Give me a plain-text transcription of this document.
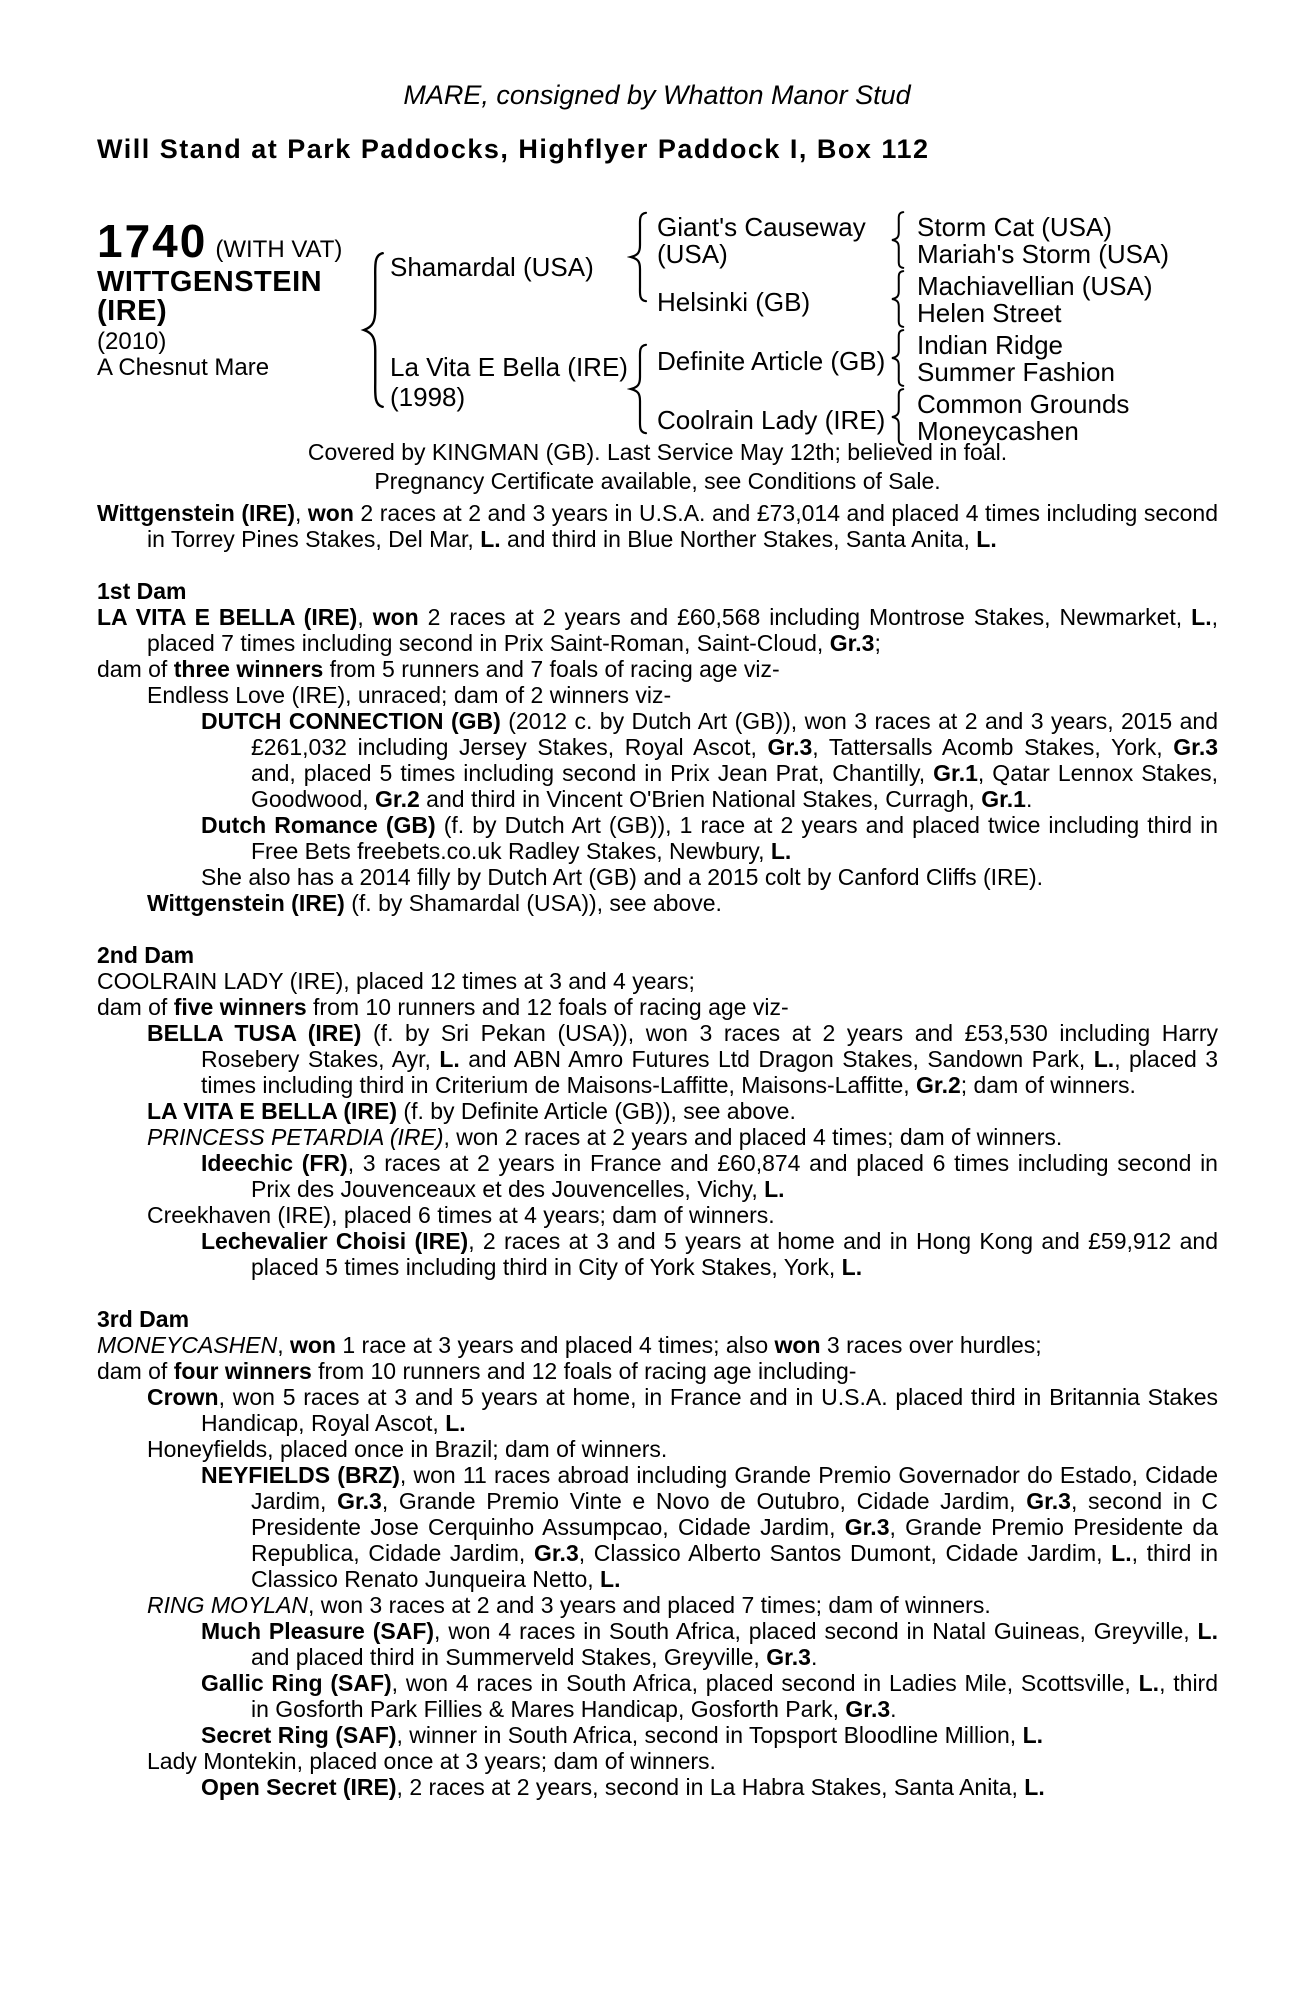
MARE, consigned by Whatton Manor Stud
Will Stand at Park Paddocks, Highflyer Paddock I, Box 112
1740 (WITH VAT)
WITTGENSTEIN
(IRE)
(2010)
A Chesnut Mare
Shamardal (USA)
La Vita E Bella (IRE)
(1998)
Giant's Causeway
(USA)
Helsinki (GB)
Definite Article (GB)
Coolrain Lady (IRE)
Storm Cat (USA)
Mariah's Storm (USA)
Machiavellian (USA)
Helen Street
Indian Ridge
Summer Fashion
Common Grounds
Moneycashen
Covered by KINGMAN (GB). Last Service May 12th; believed in foal.
Pregnancy Certificate available, see Conditions of Sale.

Wittgenstein (IRE), won 2 races at 2 and 3 years in U.S.A. and £73,014 and placed 4 times including second in Torrey Pines Stakes, Del Mar, L. and third in Blue Norther Stakes, Santa Anita, L.

1st Dam

LA VITA E BELLA (IRE), won 2 races at 2 years and £60,568 including Montrose Stakes, Newmarket, L., placed 7 times including second in Prix Saint-Roman, Saint-Cloud, Gr.3;

dam of three winners from 5 runners and 7 foals of racing age viz-

Endless Love (IRE), unraced; dam of 2 winners viz-

DUTCH CONNECTION (GB) (2012 c. by Dutch Art (GB)), won 3 races at 2 and 3 years, 2015 and £261,032 including Jersey Stakes, Royal Ascot, Gr.3, Tattersalls Acomb Stakes, York, Gr.3 and, placed 5 times including second in Prix Jean Prat, Chantilly, Gr.1, Qatar Lennox Stakes, Goodwood, Gr.2 and third in Vincent O'Brien National Stakes, Curragh, Gr.1.

Dutch Romance (GB) (f. by Dutch Art (GB)), 1 race at 2 years and placed twice including third in Free Bets freebets.co.uk Radley Stakes, Newbury, L.

She also has a 2014 filly by Dutch Art (GB) and a 2015 colt by Canford Cliffs (IRE).

Wittgenstein (IRE) (f. by Shamardal (USA)), see above.

2nd Dam

COOLRAIN LADY (IRE), placed 12 times at 3 and 4 years;

dam of five winners from 10 runners and 12 foals of racing age viz-

BELLA TUSA (IRE) (f. by Sri Pekan (USA)), won 3 races at 2 years and £53,530 including Harry Rosebery Stakes, Ayr, L. and ABN Amro Futures Ltd Dragon Stakes, Sandown Park, L., placed 3 times including third in Criterium de Maisons-Laffitte, Maisons-Laffitte, Gr.2; dam of winners.

LA VITA E BELLA (IRE) (f. by Definite Article (GB)), see above.

PRINCESS PETARDIA (IRE), won 2 races at 2 years and placed 4 times; dam of winners.

Ideechic (FR), 3 races at 2 years in France and £60,874 and placed 6 times including second in Prix des Jouvenceaux et des Jouvencelles, Vichy, L.

Creekhaven (IRE), placed 6 times at 4 years; dam of winners.

Lechevalier Choisi (IRE), 2 races at 3 and 5 years at home and in Hong Kong and £59,912 and placed 5 times including third in City of York Stakes, York, L.

3rd Dam

MONEYCASHEN, won 1 race at 3 years and placed 4 times; also won 3 races over hurdles;

dam of four winners from 10 runners and 12 foals of racing age including-

Crown, won 5 races at 3 and 5 years at home, in France and in U.S.A. placed third in Britannia Stakes Handicap, Royal Ascot, L.

Honeyfields, placed once in Brazil; dam of winners.

NEYFIELDS (BRZ), won 11 races abroad including Grande Premio Governador do Estado, Cidade Jardim, Gr.3, Grande Premio Vinte e Novo de Outubro, Cidade Jardim, Gr.3, second in C Presidente Jose Cerquinho Assumpcao, Cidade Jardim, Gr.3, Grande Premio Presidente da Republica, Cidade Jardim, Gr.3, Classico Alberto Santos Dumont, Cidade Jardim, L., third in Classico Renato Junqueira Netto, L.

RING MOYLAN, won 3 races at 2 and 3 years and placed 7 times; dam of winners.

Much Pleasure (SAF), won 4 races in South Africa, placed second in Natal Guineas, Greyville, L. and placed third in Summerveld Stakes, Greyville, Gr.3.

Gallic Ring (SAF), won 4 races in South Africa, placed second in Ladies Mile, Scottsville, L., third in Gosforth Park Fillies & Mares Handicap, Gosforth Park, Gr.3.

Secret Ring (SAF), winner in South Africa, second in Topsport Bloodline Million, L.

Lady Montekin, placed once at 3 years; dam of winners.

Open Secret (IRE), 2 races at 2 years, second in La Habra Stakes, Santa Anita, L.
